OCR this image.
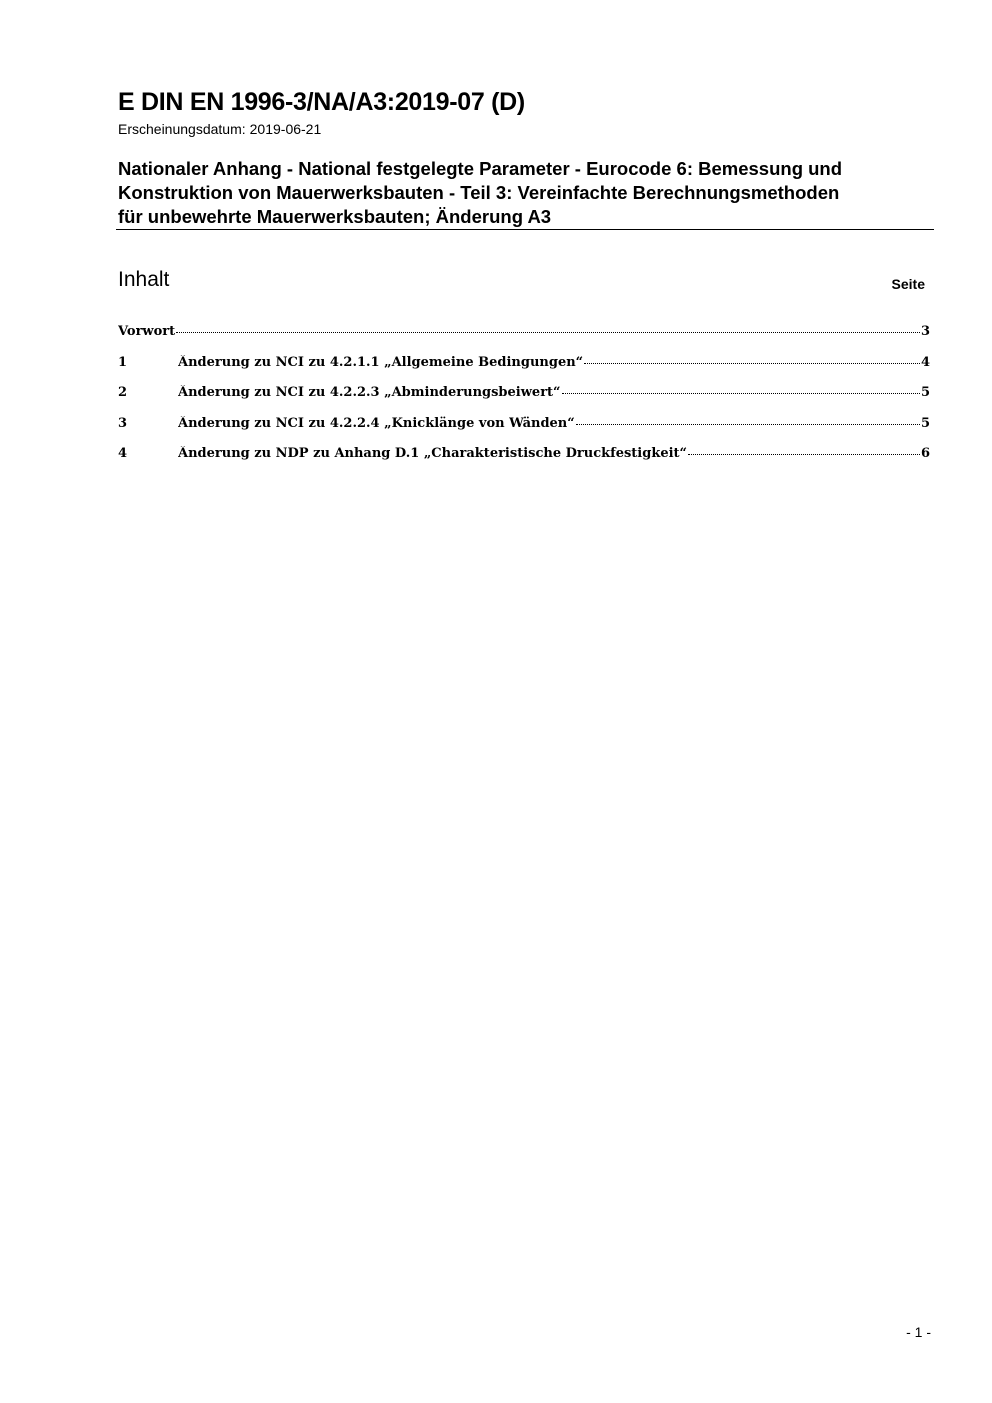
E DIN EN 1996-3/NA/A3:2019-07 (D)
Erscheinungsdatum: 2019-06-21
Nationaler Anhang - National festgelegte Parameter - Eurocode 6: Bemessung und
Konstruktion von Mauerwerksbauten - Teil 3: Vereinfachte Berechnungsmethoden
für unbewehrte Mauerwerksbauten; Änderung A3
Inhalt	Seite
Vorwort	3
1	Änderung zu NCI zu 4.2.1.1 „Allgemeine Bedingungen“	4
2	Änderung zu NCI zu 4.2.2.3 „Abminderungsbeiwert“	5
3	Änderung zu NCI zu 4.2.2.4 „Knicklänge von Wänden“	5
4	Änderung zu NDP zu Anhang D.1 „Charakteristische Druckfestigkeit“	6
- 1 -
